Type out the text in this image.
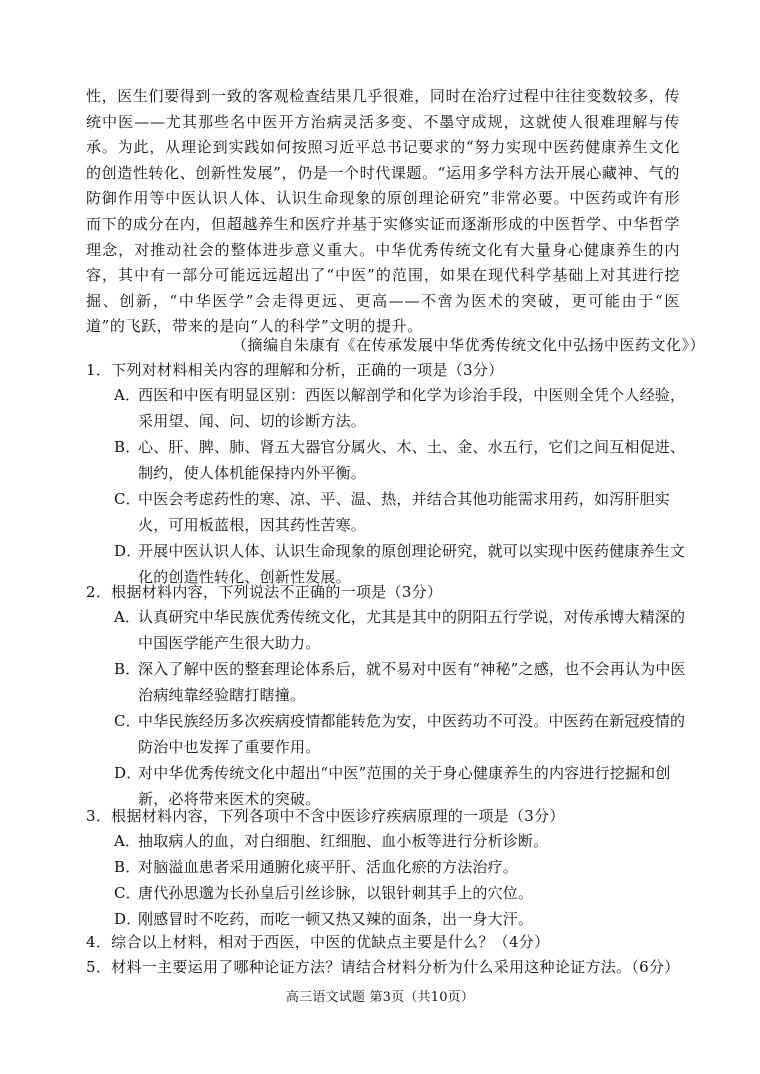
性，医生们要得到一致的客观检查结果几乎很难，同时在治疗过程中往往变数较多，传统中医——尤其那些名中医开方治病灵活多变、不墨守成规，这就使人很难理解与传承。为此，从理论到实践如何按照习近平总书记要求的“努力实现中医药健康养生文化的创造性转化、创新性发展”，仍是一个时代课题。“运用多学科方法开展心藏神、气的防御作用等中医认识人体、认识生命现象的原创理论研究”非常必要。中医药或许有形而下的成分在内，但超越养生和医疗并基于实修实证而逐渐形成的中医哲学、中华哲学理念，对推动社会的整体进步意义重大。中华优秀传统文化有大量身心健康养生的内容，其中有一部分可能远远超出了“中医”的范围，如果在现代科学基础上对其进行挖掘、创新，“中华医学”会走得更远、更高——不啻为医术的突破，更可能由于“医道”的飞跃，带来的是向“人的科学”文明的提升。

（摘编自朱康有《在传承发展中华优秀传统文化中弘扬中医药文化》）
1．下列对材料相关内容的理解和分析，正确的一项是（3分）
A．
西医和中医有明显区别：西医以解剖学和化学为诊治手段，中医则全凭个人经验，采用望、闻、问、切的诊断方法。
B．
心、肝、脾、肺、肾五大器官分属火、木、土、金、水五行，它们之间互相促进、制约，使人体机能保持内外平衡。
C．
中医会考虑药性的寒、凉、平、温、热，并结合其他功能需求用药，如泻肝胆实火，可用板蓝根，因其药性苦寒。
D．
开展中医认识人体、认识生命现象的原创理论研究，就可以实现中医药健康养生文化的创造性转化、创新性发展。
2．根据材料内容，下列说法不正确的一项是（3分）
A．
认真研究中华民族优秀传统文化，尤其是其中的阴阳五行学说，对传承博大精深的中国医学能产生很大助力。
B．
深入了解中医的整套理论体系后，就不易对中医有“神秘”之感，也不会再认为中医治病纯靠经验瞎打瞎撞。
C．
中华民族经历多次疾病疫情都能转危为安，中医药功不可没。中医药在新冠疫情的防治中也发挥了重要作用。
D．
对中华优秀传统文化中超出“中医”范围的关于身心健康养生的内容进行挖掘和创新，必将带来医术的突破。
3．根据材料内容，下列各项中不含中医诊疗疾病原理的一项是（3分）
A．
抽取病人的血，对白细胞、红细胞、血小板等进行分析诊断。
B．
对脑溢血患者采用通腑化痰平肝、活血化瘀的方法治疗。
C．
唐代孙思邈为长孙皇后引丝诊脉，以银针刺其手上的穴位。
D．
刚感冒时不吃药，而吃一顿又热又辣的面条，出一身大汗。
4．综合以上材料，相对于西医，中医的优缺点主要是什么？（4分）
5．材料一主要运用了哪种论证方法？请结合材料分析为什么采用这种论证方法。（6分）
高三语文试题 第3页（共10页）
